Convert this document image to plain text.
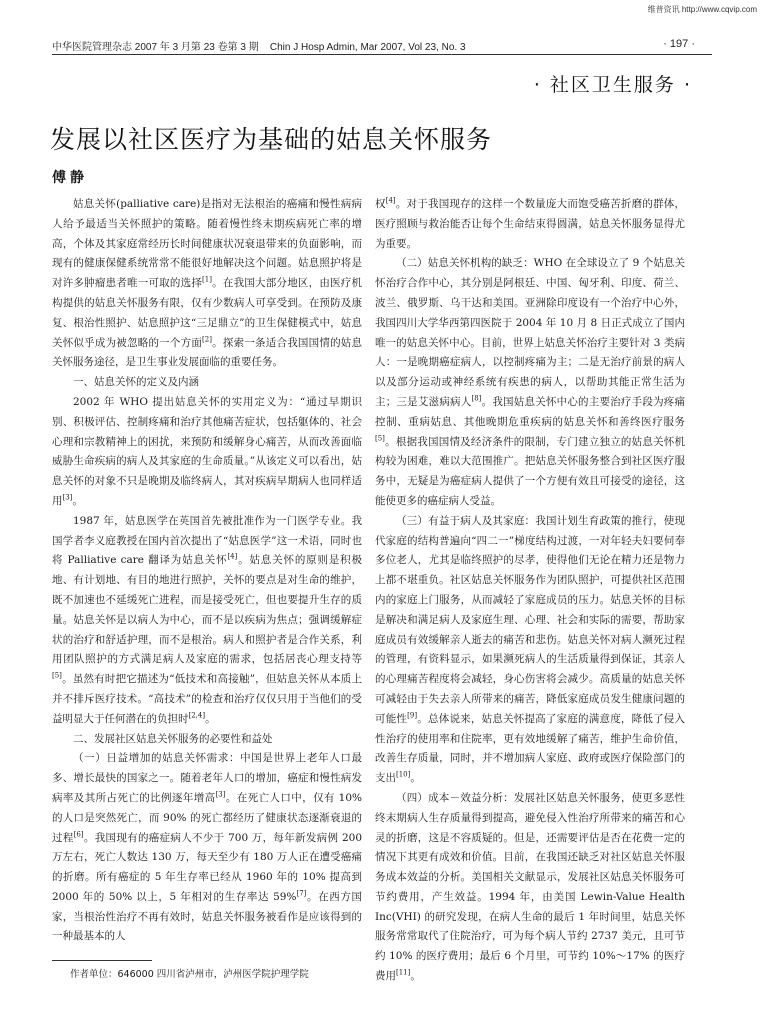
维普资讯 http://www.cqvip.com
中华医院管理杂志 2007 年 3 月第 23 卷第 3 期 Chin J Hosp Admin, Mar 2007, Vol 23, No. 3	· 197 ·
· 社区卫生服务 ·
发展以社区医疗为基础的姑息关怀服务
傅静

姑息关怀(palliative care)是指对无法根治的癌痛和慢性病病人给予最适当关怀照护的策略。随着慢性终末期疾病死亡率的增高，个体及其家庭常经历长时间健康状况衰退带来的负面影响，而现有的健康保健系统常常不能很好地解决这个问题。姑息照护将是对许多肿瘤患者唯一可取的选择[1]。在我国大部分地区，由医疗机构提供的姑息关怀服务有限，仅有少数病人可享受到。在预防及康复、根治性照护、姑息照护这“三足鼎立”的卫生保健模式中，姑息关怀似乎成为被忽略的一个方面[2]。探索一条适合我国国情的姑息关怀服务途径，是卫生事业发展面临的重要任务。

一、姑息关怀的定义及内涵

2002 年 WHO 提出姑息关怀的实用定义为：“通过早期识别、积极评估、控制疼痛和治疗其他痛苦症状，包括躯体的、社会心理和宗教精神上的困扰，来预防和缓解身心痛苦，从而改善面临威胁生命疾病的病人及其家庭的生命质量。”从该定义可以看出，姑息关怀的对象不只是晚期及临终病人，其对疾病早期病人也同样适用[3]。

1987 年，姑息医学在英国首先被批准作为一门医学专业。我国学者李义庭教授在国内首次提出了“姑息医学”这一术语，同时也将 Palliative care 翻译为姑息关怀[4]。姑息关怀的原则是积极地、有计划地、有目的地进行照护，关怀的要点是对生命的维护，既不加速也不延缓死亡进程，而是接受死亡，但也要提升生存的质量。姑息关怀是以病人为中心，而不是以疾病为焦点；强调缓解症状的治疗和舒适护理，而不是根治。病人和照护者是合作关系，利用团队照护的方式满足病人及家庭的需求，包括居丧心理支持等[5]。虽然有时把它描述为“低技术和高接触”，但姑息关怀从本质上并不排斥医疗技术。“高技术”的检查和治疗仅仅只用于当他们的受益明显大于任何潜在的负担时[2,4]。

二、发展社区姑息关怀服务的必要性和益处

（一）日益增加的姑息关怀需求：中国是世界上老年人口最多、增长最快的国家之一。随着老年人口的增加，癌症和慢性病发病率及其所占死亡的比例逐年增高[3]。在死亡人口中，仅有 10% 的人口是突然死亡，而 90% 的死亡都经历了健康状态逐渐衰退的过程[6]。我国现有的癌症病人不少于 700 万，每年新发病例 200 万左右，死亡人数达 130 万，每天至少有 180 万人正在遭受癌痛的折磨。所有癌症的 5 年生存率已经从 1960 年的 10% 提高到 2000 年的 50% 以上，5 年相对的生存率达 59%[7]。在西方国家，当根治性治疗不再有效时，姑息关怀服务被看作是应该得到的一种最基本的人

权[4]。对于我国现存的这样一个数量庞大而饱受癌苦折磨的群体，医疗照顾与救治能否让每个生命结束得圆满，姑息关怀服务显得尤为重要。

（二）姑息关怀机构的缺乏：WHO 在全球设立了 9 个姑息关怀治疗合作中心，其分别是阿根廷、中国、匈牙利、印度、荷兰、波兰、俄罗斯、乌干达和美国。亚洲除印度设有一个治疗中心外，我国四川大学华西第四医院于 2004 年 10 月 8 日正式成立了国内唯一的姑息关怀中心。目前，世界上姑息关怀治疗主要针对 3 类病人：一是晚期癌症病人，以控制疼痛为主；二是无治疗前景的病人以及部分运动或神经系统有疾患的病人，以帮助其能正常生活为主；三是艾滋病病人[8]。我国姑息关怀中心的主要治疗手段为疼痛控制、重病姑息、其他晚期危重疾病的姑息关怀和善终医疗服务[5]。根据我国国情及经济条件的限制，专门建立独立的姑息关怀机构较为困难，难以大范围推广。把姑息关怀服务整合到社区医疗服务中，无疑是为癌症病人提供了一个方便有效且可接受的途径，这能使更多的癌症病人受益。

（三）有益于病人及其家庭：我国计划生育政策的推行，使现代家庭的结构普遍向“四二一”梯度结构过渡，一对年轻夫妇要伺奉多位老人，尤其是临终照护的尽孝，使得他们无论在精力还是物力上都不堪重负。社区姑息关怀服务作为团队照护，可提供社区范围内的家庭上门服务，从而减轻了家庭成员的压力。姑息关怀的目标是解决和满足病人及家庭生理、心理、社会和实际的需要，帮助家庭成员有效缓解亲人逝去的痛苦和悲伤。姑息关怀对病人濒死过程的管理，有资料显示，如果濒死病人的生活质量得到保证，其亲人的心理痛苦程度将会减轻，身心伤害将会减少。高质量的姑息关怀可减轻由于失去亲人所带来的痛苦，降低家庭成员发生健康问题的可能性[9]。总体说来，姑息关怀提高了家庭的满意度，降低了侵入性治疗的使用率和住院率，更有效地缓解了痛苦，维护生命价值，改善生存质量，同时，并不增加病人家庭、政府或医疗保险部门的支出[10]。

（四）成本－效益分析：发展社区姑息关怀服务，使更多恶性终末期病人生存质量得到提高，避免侵入性治疗所带来的痛苦和心灵的折磨，这是不容质疑的。但是，还需要评估是否在花费一定的情况下其更有成效和价值。目前，在我国还缺乏对社区姑息关怀服务成本效益的分析。美国相关文献显示，发展社区姑息关怀服务可节约费用，产生效益。1994 年，由美国 Lewin-Value Health Inc(VHI) 的研究发现，在病人生命的最后 1 年时间里，姑息关怀服务常常取代了住院治疗，可为每个病人节约 2737 美元，且可节约 10% 的医疗费用；最后 6 个月里，可节约 10%～17% 的医疗费用[11]。

作者单位：646000 四川省泸州市，泸州医学院护理学院
